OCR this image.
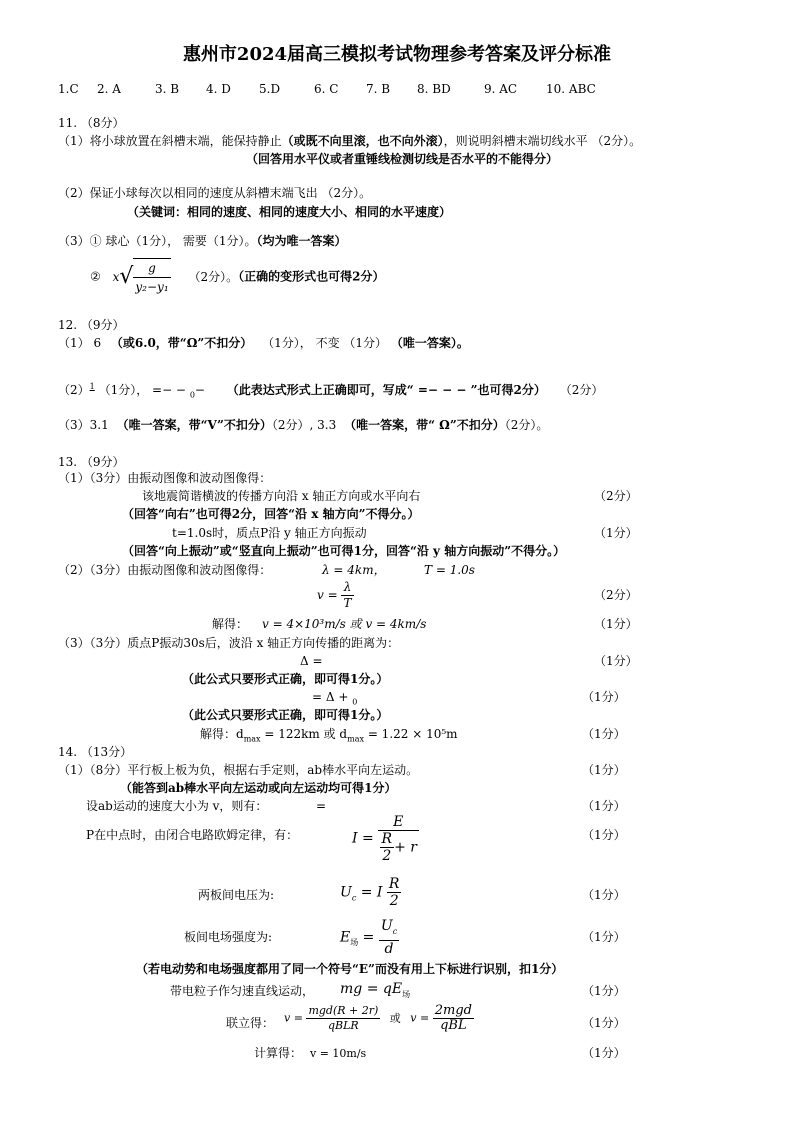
惠州市2024届高三模拟考试物理参考答案及评分标准
1.C 2. A	3. B 4. D 5.D	6. C 7. B 8. BD	9. AC 10. ABC
11. （8分）
（1）将小球放置在斜槽末端，能保持静止（或既不向里滚，也不向外滚），则说明斜槽末端切线水平 （2分）。
（回答用水平仪或者重锤线检测切线是否水平的不能得分）
（2）保证小球每次以相同的速度从斜槽末端飞出 （2分）。
（关键词：相同的速度、相同的速度大小、相同的水平速度）
（3）① 球心（1分）， 需要（1分）。（均为唯一答案）
② $x√ \frac{g}{\text{y₂−y₁}} (2$分）。（正确的变形式也可得2分）
12. （9分）
（1） 6 （或6.0，带“Ω”不扣分） （1分）， 不变 （1分） （唯一答案）。
$(2)^1$ （1分）， =− − $_0$− （此表达式形式上正确即可，写成“ =− − − ”也可得2分） （2分）
（3）3.1 （唯一答案，带“V”不扣分）（2分）, 3.3 （唯一答案，带“ Ω”不扣分）（2分）。
13. （9分）
（1）（3分）由振动图像和波动图像得：
该地震简谐横波的传播方向沿 x 轴正方向或水平向右	（2分）
（回答“向右”也可得2分，回答“沿 x 轴方向”不得分。）
t=1.0s时，质点P沿 y 轴正方向振动	（1分）
（回答“向上振动”或“竖直向上振动”也可得1分，回答“沿 y 轴方向振动”不得分。）
（2）（3分）由振动图像和波动图像得：	λ = 4km，	T = 1.0s
$v = \frac{\lambda}{T}$	（2分）
解得： v = 4×10³m/s 或 v = 4km/s	（1分）
（3）（3分）质点P振动30s后，波沿 x 轴正方向传播的距离为：
Δ =	（1分）
（此公式只要形式正确，即可得1分。）
= Δ + $_0$	（1分）
（此公式只要形式正确，即可得1分。）
解得：$d_{max} = 122km$ 或 $d_{max} = 1.22 \times 10^5m$	（1分）
14. （13分）
（1）（8分）平行板上板为负，根据右手定则，ab棒水平向左运动。	（1分）
（能答到ab棒水平向左运动或向左运动均可得1分）
设ab运动的速度大小为 v，则有：	=	（1分）
P在中点时，由闭合电路欧姆定律，有：	$I = \frac{E}{\frac{R}{2} + r}$	（1分）
两板间电压为:	$U_c = I \frac{R}{2}$	（1分）
板间电场强度为:	$E_场 = \frac{U_c}{d}$	（1分）
（若电动势和电场强度都用了同一个符号“E”而没有用上下标进行识别，扣1分）
带电粒子作匀速直线运动， mg = $qE_场$	（1分）
联立得： $v = \frac{\text{mgd(R + 2r)}}{\text{qBLR}}$ 或 $v = \frac{\text{2mgd}}{\text{qBL}}$	（1分）
计算得： v = 10m/s	（1分）
